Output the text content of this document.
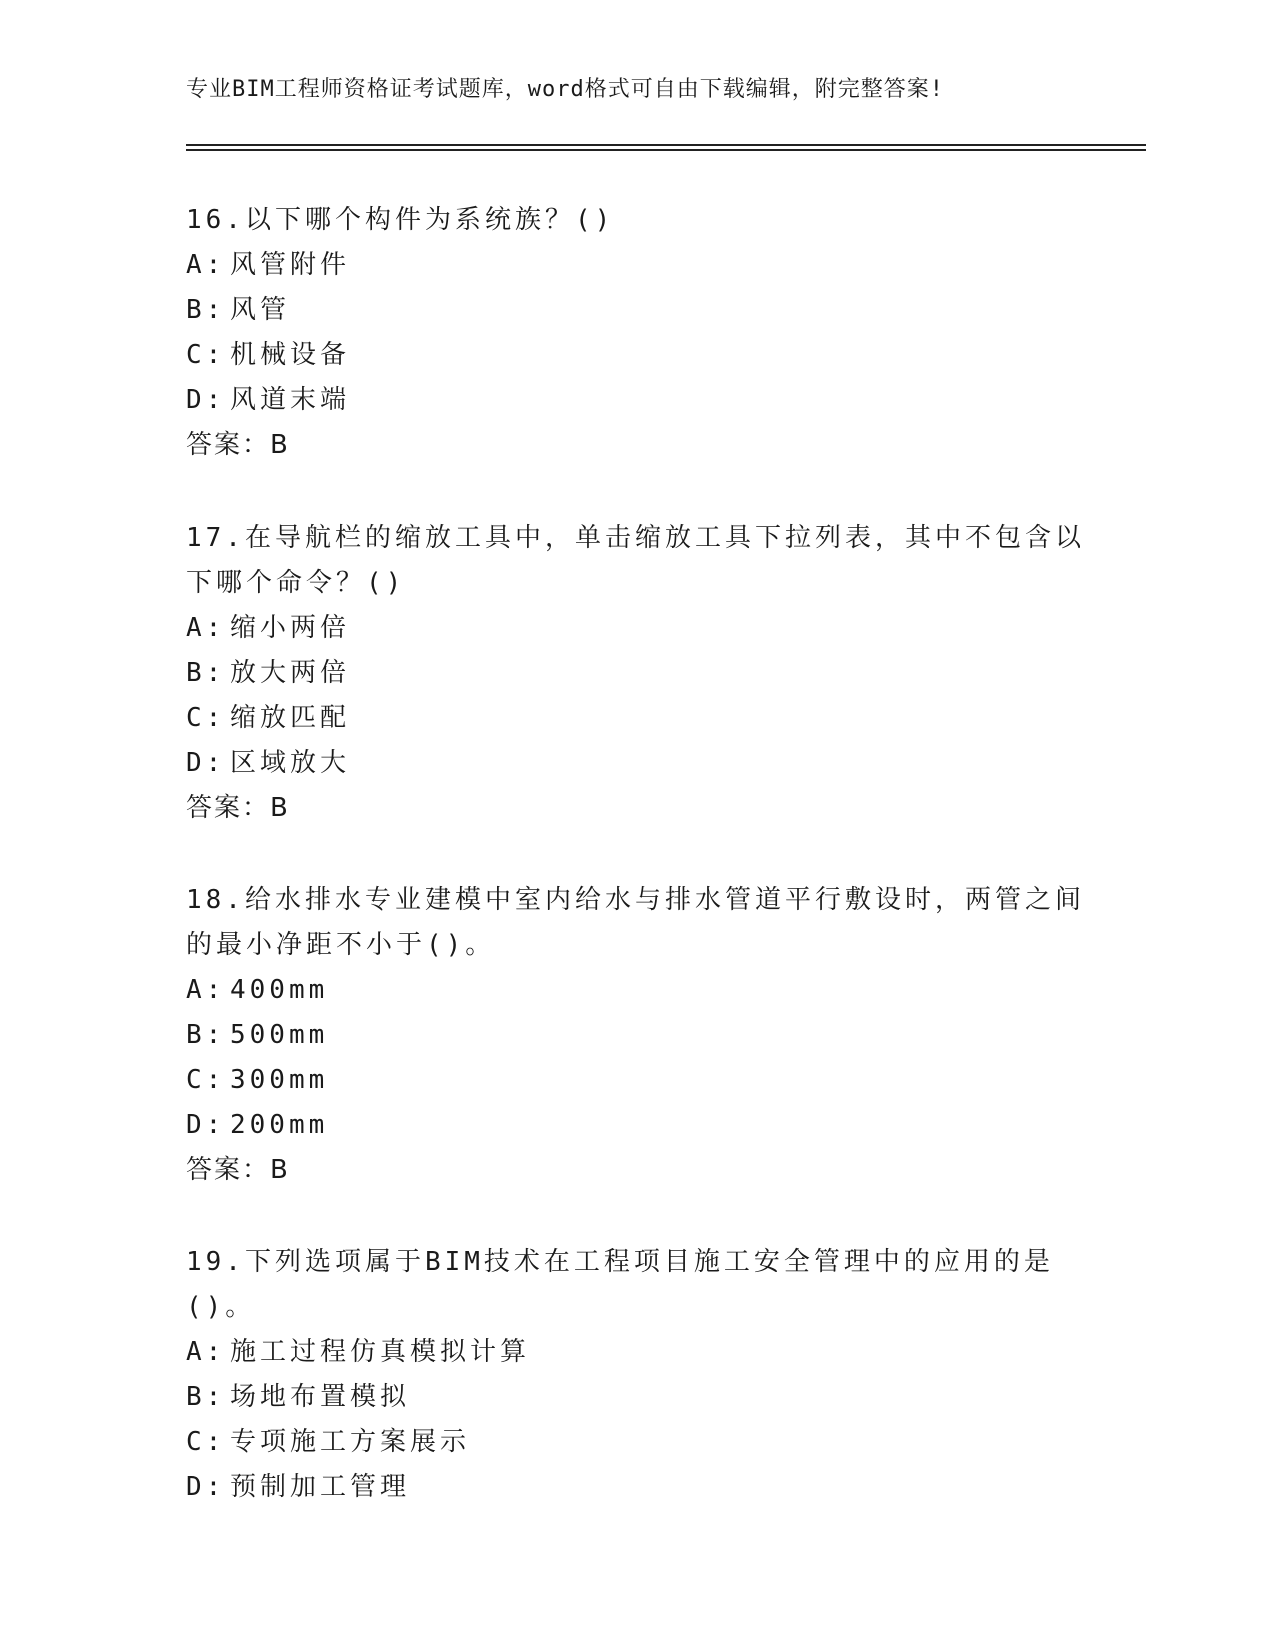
专业BIM工程师资格证考试题库，word格式可自由下载编辑，附完整答案!

16.以下哪个构件为系统族？()

A: 风管附件

B: 风管

C: 机械设备

D: 风道末端

答案：B

17.在导航栏的缩放工具中，单击缩放工具下拉列表，其中不包含以下哪个命令？()

A: 缩小两倍

B: 放大两倍

C: 缩放匹配

D: 区域放大

答案：B

18.给水排水专业建模中室内给水与排水管道平行敷设时，两管之间的最小净距不小于()。

A: 400mm

B: 500mm

C: 300mm

D: 200mm

答案：B

19.下列选项属于BIM技术在工程项目施工安全管理中的应用的是()。

A: 施工过程仿真模拟计算

B: 场地布置模拟

C: 专项施工方案展示

D: 预制加工管理
